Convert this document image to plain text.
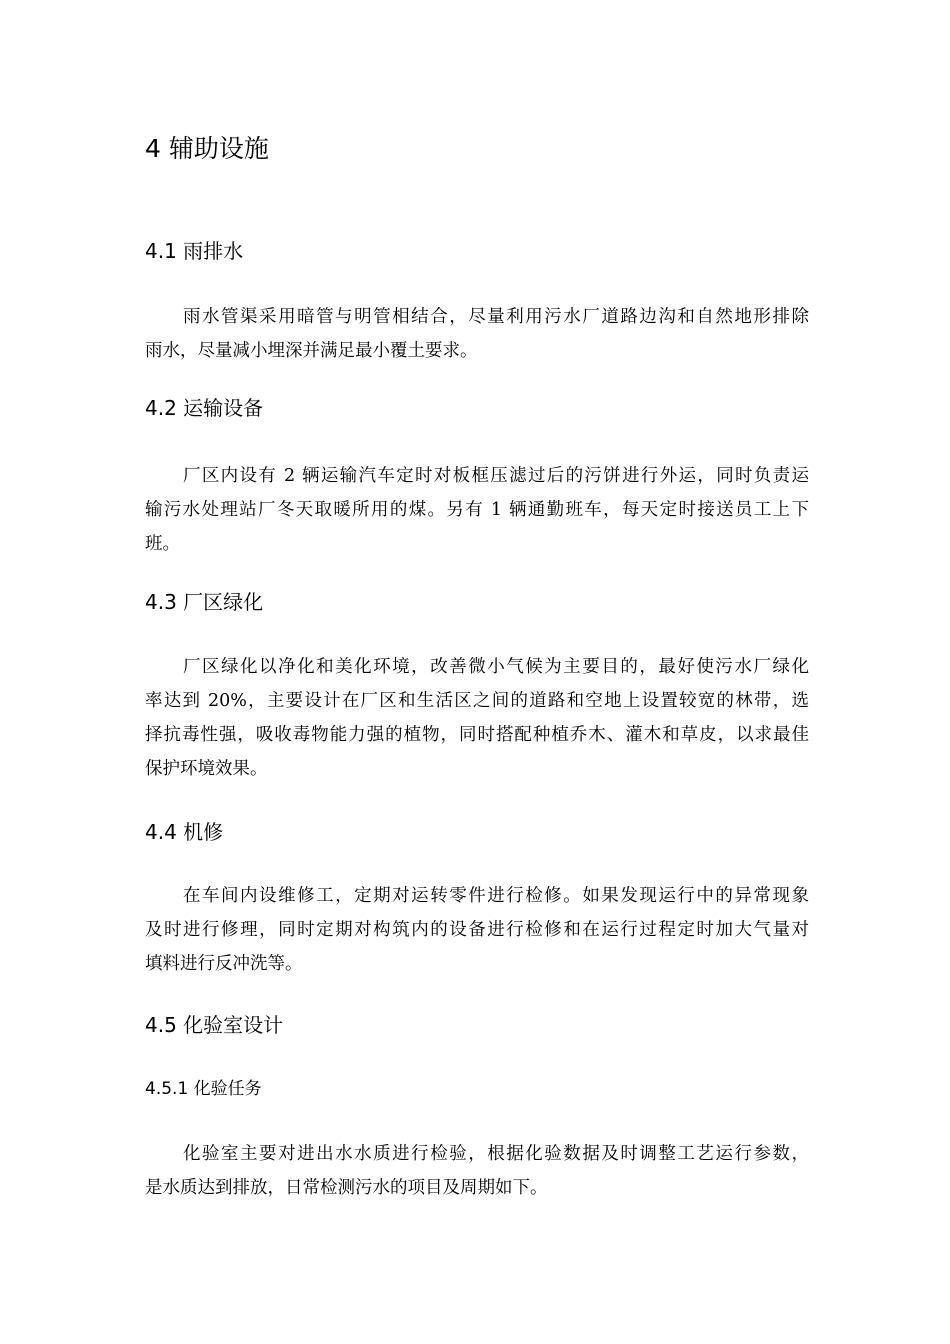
4 辅助设施
4.1 雨排水
雨水管渠采用暗管与明管相结合，尽量利用污水厂道路边沟和自然地形排除
雨水，尽量减小埋深并满足最小覆土要求。
4.2 运输设备
厂区内设有 2 辆运输汽车定时对板框压滤过后的污饼进行外运，同时负责运
输污水处理站厂冬天取暖所用的煤。另有 1 辆通勤班车，每天定时接送员工上下
班。
4.3 厂区绿化
厂区绿化以净化和美化环境，改善微小气候为主要目的，最好使污水厂绿化
率达到 20%，主要设计在厂区和生活区之间的道路和空地上设置较宽的林带，选
择抗毒性强，吸收毒物能力强的植物，同时搭配种植乔木、灌木和草皮，以求最佳
保护环境效果。
4.4 机修
在车间内设维修工，定期对运转零件进行检修。如果发现运行中的异常现象
及时进行修理，同时定期对构筑内的设备进行检修和在运行过程定时加大气量对
填料进行反冲洗等。
4.5 化验室设计
4.5.1 化验任务
化验室主要对进出水水质进行检验，根据化验数据及时调整工艺运行参数，
是水质达到排放，日常检测污水的项目及周期如下。
